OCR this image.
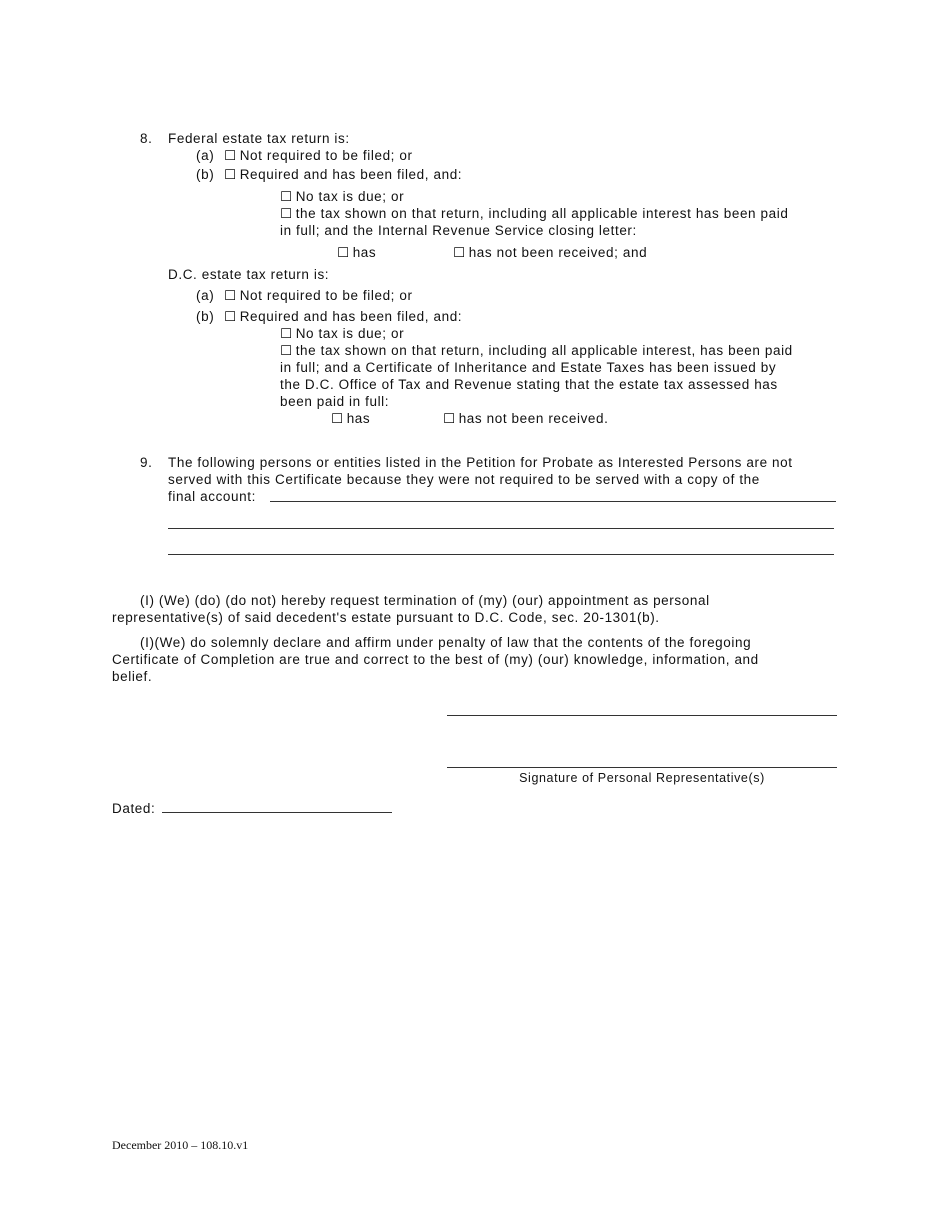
8. Federal estate tax return is:
(a) ☐ Not required to be filed; or
(b) ☐ Required and has been filed, and:
☐ No tax is due; or
☐ the tax shown on that return, including all applicable interest has been paid
in full; and the Internal Revenue Service closing letter:
☐ has	☐ has not been received; and
D.C. estate tax return is:
(a) ☐ Not required to be filed; or
(b) ☐ Required and has been filed, and:
☐ No tax is due; or
☐ the tax shown on that return, including all applicable interest, has been paid
in full; and a Certificate of Inheritance and Estate Taxes has been issued by
the D.C. Office of Tax and Revenue stating that the estate tax assessed has
been paid in full:
☐ has	☐ has not been received.
9. The following persons or entities listed in the Petition for Probate as Interested Persons are not
served with this Certificate because they were not required to be served with a copy of the
final account:
(I) (We) (do) (do not) hereby request termination of (my) (our) appointment as personal
representative(s) of said decedent's estate pursuant to D.C. Code, sec. 20-1301(b).
(I)(We) do solemnly declare and affirm under penalty of law that the contents of the foregoing
Certificate of Completion are true and correct to the best of (my) (our) knowledge, information, and
belief.
Signature of Personal Representative(s)
Dated:
December 2010 – 108.10.v1
